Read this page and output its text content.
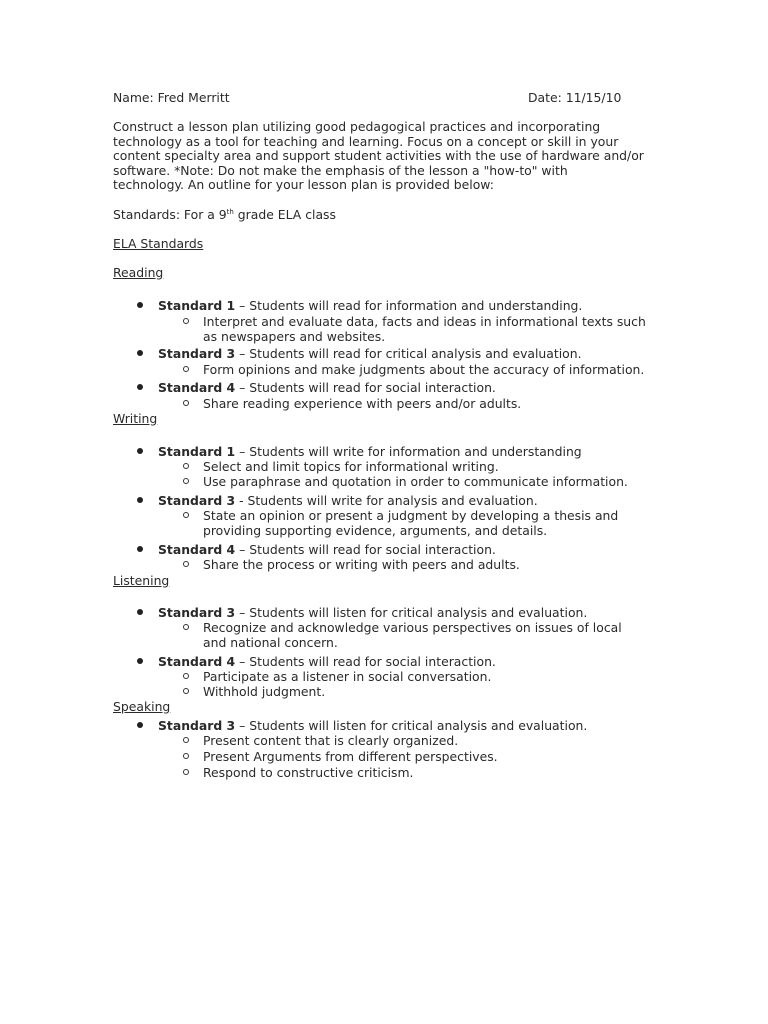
Name: Fred Merritt	Date: 11/15/10
Construct a lesson plan utilizing good pedagogical practices and incorporating
technology as a tool for teaching and learning. Focus on a concept or skill in your
content specialty area and support student activities with the use of hardware and/or
software. *Note: Do not make the emphasis of the lesson a "how-to" with
technology. An outline for your lesson plan is provided below:
Standards: For a 9th grade ELA class
ELA Standards
Reading
Standard 1 – Students will read for information and understanding.
Interpret and evaluate data, facts and ideas in informational texts such
as newspapers and websites.
Standard 3 – Students will read for critical analysis and evaluation.
Form opinions and make judgments about the accuracy of information.
Standard 4 – Students will read for social interaction.
Share reading experience with peers and/or adults.
Writing
Standard 1 – Students will write for information and understanding
Select and limit topics for informational writing.
Use paraphrase and quotation in order to communicate information.
Standard 3 - Students will write for analysis and evaluation.
State an opinion or present a judgment by developing a thesis and
providing supporting evidence, arguments, and details.
Standard 4 – Students will read for social interaction.
Share the process or writing with peers and adults.
Listening
Standard 3 – Students will listen for critical analysis and evaluation.
Recognize and acknowledge various perspectives on issues of local
and national concern.
Standard 4 – Students will read for social interaction.
Participate as a listener in social conversation.
Withhold judgment.
Speaking
Standard 3 – Students will listen for critical analysis and evaluation.
Present content that is clearly organized.
Present Arguments from different perspectives.
Respond to constructive criticism.
